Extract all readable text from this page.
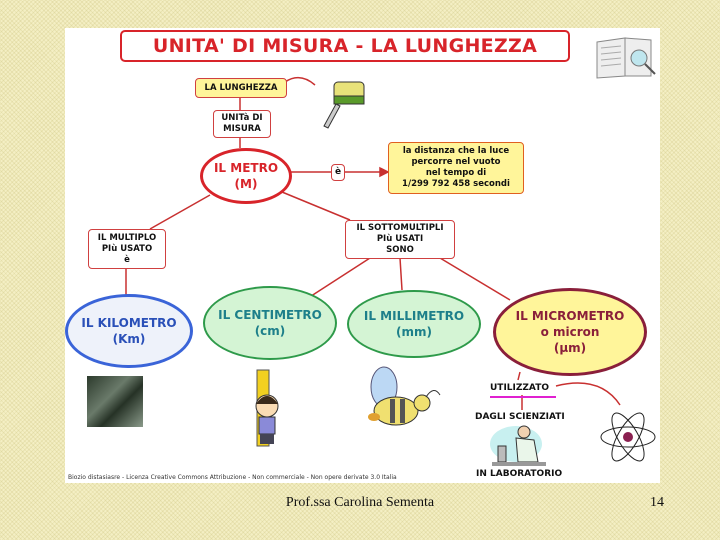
UNITA' DI MISURA - LA LUNGHEZZA
LA LUNGHEZZA
UNITà DI
MISURA
IL METRO
(M)
è
la distanza che la luce
percorre nel vuoto
nel tempo di
1/299 792 458 secondi
IL MULTIPLO
PIù USATO
è
IL SOTTOMULTIPLI
PIù USATI
SONO
IL KILOMETRO
(Km)
IL CENTIMETRO
(cm)
IL MILLIMETRO
(mm)
IL MICROMETRO
o micron
(µm)
UTILIZZATO
DAGLI SCIENZIATI
IN LABORATORIO
Biozio distasiasre - Licenza Creative Commons Attribuzione - Non commerciale - Non opere derivate 3.0 Italia
Prof.ssa Carolina Sementa	14
